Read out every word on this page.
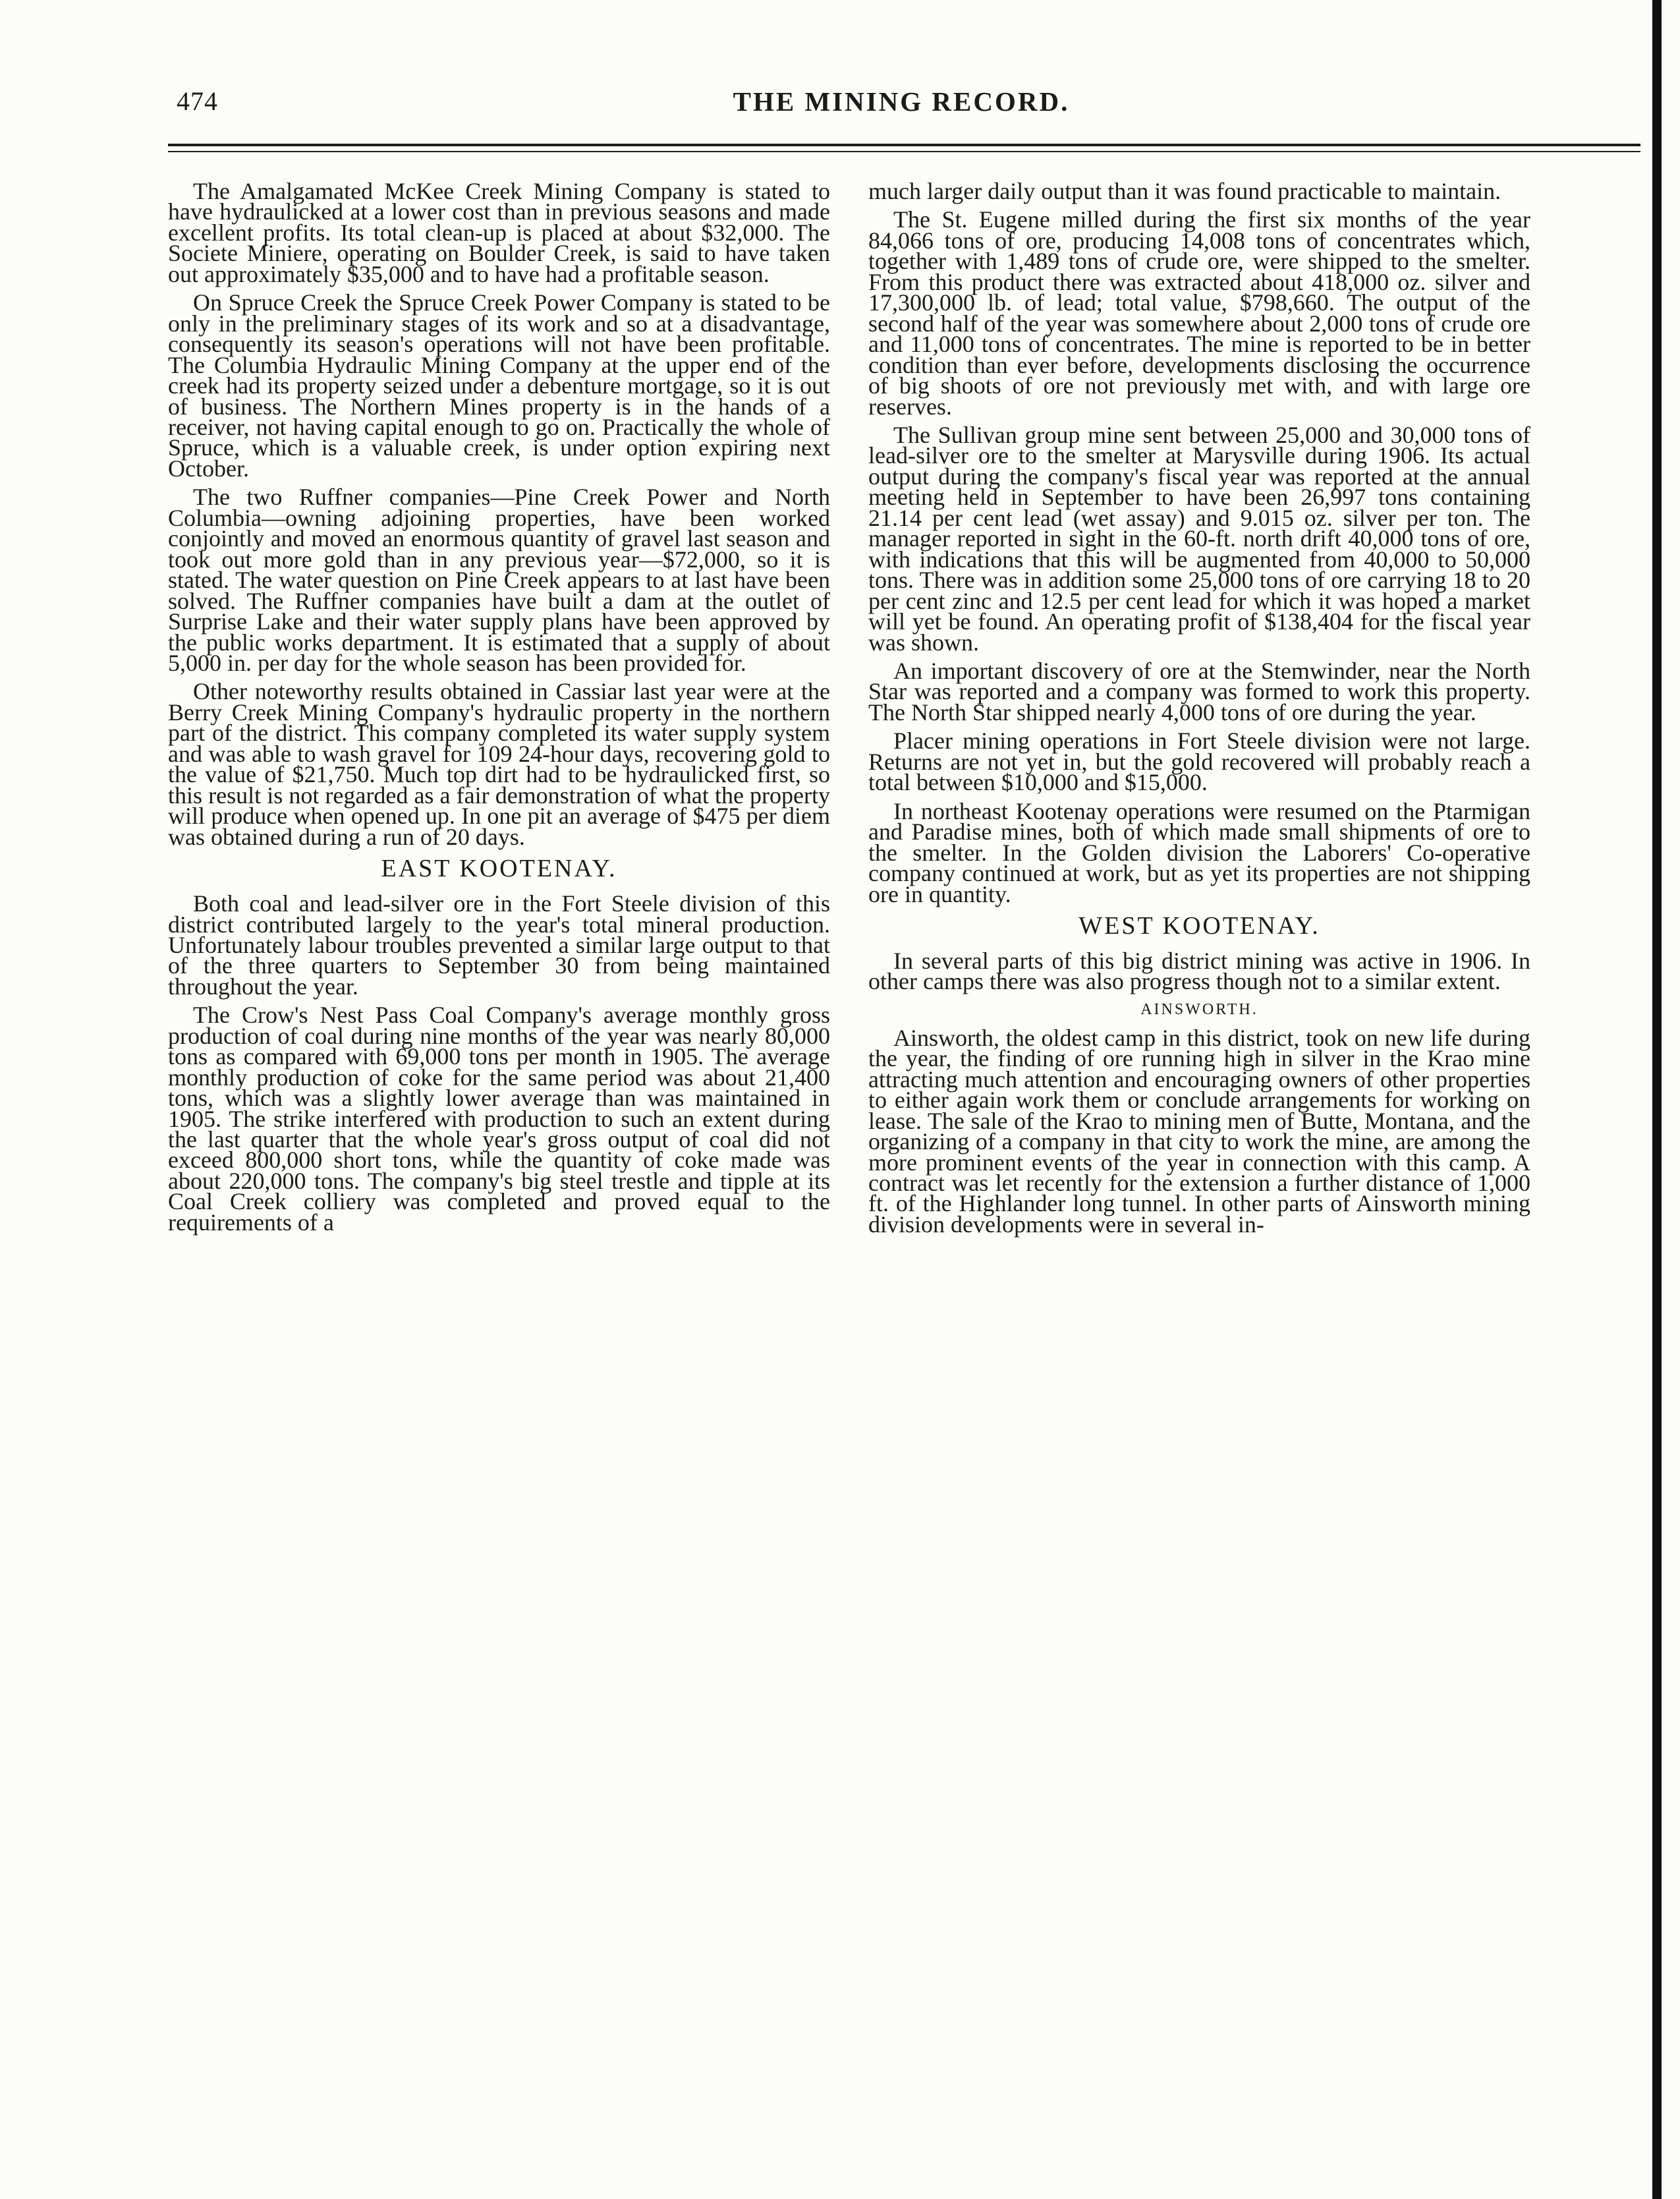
THE MINING RECORD.
474

The Amalgamated McKee Creek Mining Company is stated to have hydraulicked at a lower cost than in previous seasons and made excellent profits. Its total clean-up is placed at about $32,000. The Societe Miniere, operating on Boulder Creek, is said to have taken out approximately $35,000 and to have had a profitable season.

On Spruce Creek the Spruce Creek Power Company is stated to be only in the preliminary stages of its work and so at a disadvantage, consequently its season's operations will not have been profitable. The Columbia Hydraulic Mining Company at the upper end of the creek had its property seized under a debenture mortgage, so it is out of business. The Northern Mines property is in the hands of a receiver, not having capital enough to go on. Practically the whole of Spruce, which is a valuable creek, is under option expiring next October.

The two Ruffner companies—Pine Creek Power and North Columbia—owning adjoining properties, have been worked conjointly and moved an enormous quantity of gravel last season and took out more gold than in any previous year—$72,000, so it is stated. The water question on Pine Creek appears to at last have been solved. The Ruffner companies have built a dam at the outlet of Surprise Lake and their water supply plans have been approved by the public works department. It is estimated that a supply of about 5,000 in. per day for the whole season has been provided for.

Other noteworthy results obtained in Cassiar last year were at the Berry Creek Mining Company's hydraulic property in the northern part of the district. This company completed its water supply system and was able to wash gravel for 109 24-hour days, recovering gold to the value of $21,750. Much top dirt had to be hydraulicked first, so this result is not regarded as a fair demonstration of what the property will produce when opened up. In one pit an average of $475 per diem was obtained during a run of 20 days.

EAST KOOTENAY.

Both coal and lead-silver ore in the Fort Steele division of this district contributed largely to the year's total mineral production. Unfortunately labour troubles prevented a similar large output to that of the three quarters to September 30 from being maintained throughout the year.

The Crow's Nest Pass Coal Company's average monthly gross production of coal during nine months of the year was nearly 80,000 tons as compared with 69,000 tons per month in 1905. The average monthly production of coke for the same period was about 21,400 tons, which was a slightly lower average than was maintained in 1905. The strike interfered with production to such an extent during the last quarter that the whole year's gross output of coal did not exceed 800,000 short tons, while the quantity of coke made was about 220,000 tons. The company's big steel trestle and tipple at its Coal Creek colliery was completed and proved equal to the requirements of a

much larger daily output than it was found practicable to maintain.

The St. Eugene milled during the first six months of the year 84,066 tons of ore, producing 14,008 tons of concentrates which, together with 1,489 tons of crude ore, were shipped to the smelter. From this product there was extracted about 418,000 oz. silver and 17,300,000 lb. of lead; total value, $798,660. The output of the second half of the year was somewhere about 2,000 tons of crude ore and 11,000 tons of concentrates. The mine is reported to be in better condition than ever before, developments disclosing the occurrence of big shoots of ore not previously met with, and with large ore reserves.

The Sullivan group mine sent between 25,000 and 30,000 tons of lead-silver ore to the smelter at Marysville during 1906. Its actual output during the company's fiscal year was reported at the annual meeting held in September to have been 26,997 tons containing 21.14 per cent lead (wet assay) and 9.015 oz. silver per ton. The manager reported in sight in the 60-ft. north drift 40,000 tons of ore, with indications that this will be augmented from 40,000 to 50,000 tons. There was in addition some 25,000 tons of ore carrying 18 to 20 per cent zinc and 12.5 per cent lead for which it was hoped a market will yet be found. An operating profit of $138,404 for the fiscal year was shown.

An important discovery of ore at the Stemwinder, near the North Star was reported and a company was formed to work this property. The North Star shipped nearly 4,000 tons of ore during the year.

Placer mining operations in Fort Steele division were not large. Returns are not yet in, but the gold recovered will probably reach a total between $10,000 and $15,000.

In northeast Kootenay operations were resumed on the Ptarmigan and Paradise mines, both of which made small shipments of ore to the smelter. In the Golden division the Laborers' Co-operative company continued at work, but as yet its properties are not shipping ore in quantity.

WEST KOOTENAY.

In several parts of this big district mining was active in 1906. In other camps there was also progress though not to a similar extent.

AINSWORTH.

Ainsworth, the oldest camp in this district, took on new life during the year, the finding of ore running high in silver in the Krao mine attracting much attention and encouraging owners of other properties to either again work them or conclude arrangements for working on lease. The sale of the Krao to mining men of Butte, Montana, and the organizing of a company in that city to work the mine, are among the more prominent events of the year in connection with this camp. A contract was let recently for the extension a further distance of 1,000 ft. of the Highlander long tunnel. In other parts of Ainsworth mining division developments were in several in-
